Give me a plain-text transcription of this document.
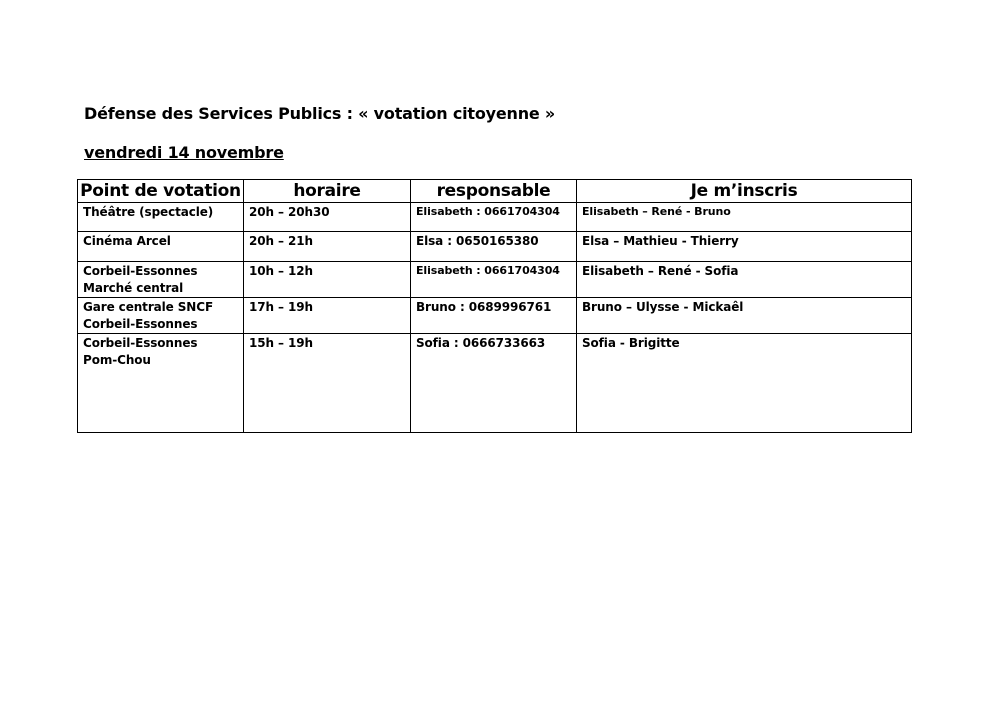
Défense des Services Publics : « votation citoyenne »
vendredi 14 novembre
Point de votation	horaire	responsable	Je m’inscris
Théâtre (spectacle)	20h – 20h30	Elisabeth : 0661704304	Elisabeth – René - Bruno
Cinéma Arcel	20h – 21h	Elsa : 0650165380	Elsa – Mathieu - Thierry
Corbeil-Essonnes
Marché central	10h – 12h	Elisabeth : 0661704304	Elisabeth – René - Sofia
Gare centrale SNCF
Corbeil-Essonnes	17h – 19h	Bruno : 0689996761	Bruno – Ulysse - Mickaêl
Corbeil-Essonnes
Pom-Chou	15h – 19h	Sofia : 0666733663	Sofia - Brigitte
